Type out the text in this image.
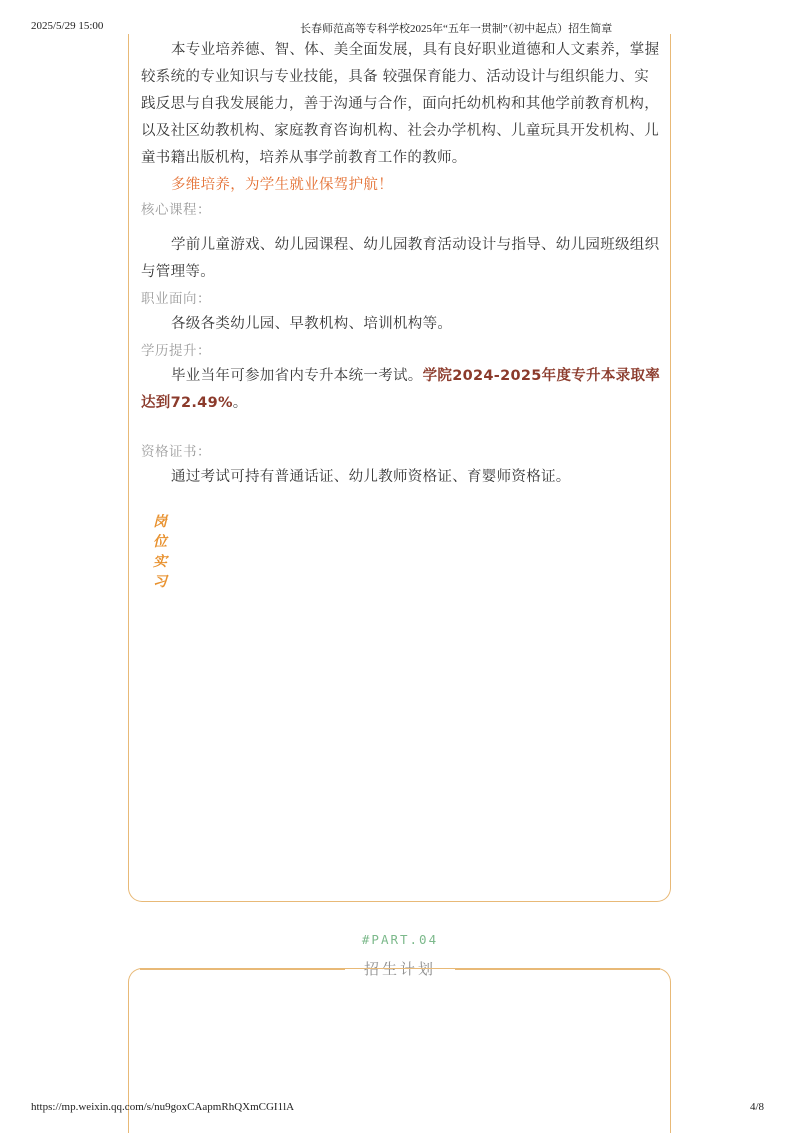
2025/5/29 15:00	长春师范高等专科学校2025年“五年一贯制”（初中起点）招生简章

本专业培养德、智、体、美全面发展，具有良好职业道德和人文素养，掌握较系统的专业知识与专业技能，具备 较强保育能力、活动设计与组织能力、实践反思与自我发展能力，善于沟通与合作，面向托幼机构和其他学前教育机构，以及社区幼教机构、家庭教育咨询机构、社会办学机构、儿童玩具开发机构、儿童书籍出版机构，培养从事学前教育工作的教师。

多维培养，为学生就业保驾护航！

核心课程：

学前儿童游戏、幼儿园课程、幼儿园教育活动设计与指导、幼儿园班级组织与管理等。

职业面向：

各级各类幼儿园、早教机构、培训机构等。

学历提升：

毕业当年可参加省内专升本统一考试。学院2024-2025年度专升本录取率达到72.49%。

资格证书：

通过考试可持有普通话证、幼儿教师资格证、育婴师资格证。

岗
位
实
习
#PART.04
招生计划
https://mp.weixin.qq.com/s/nu9goxCAapmRhQXmCGI1lA	4/8
